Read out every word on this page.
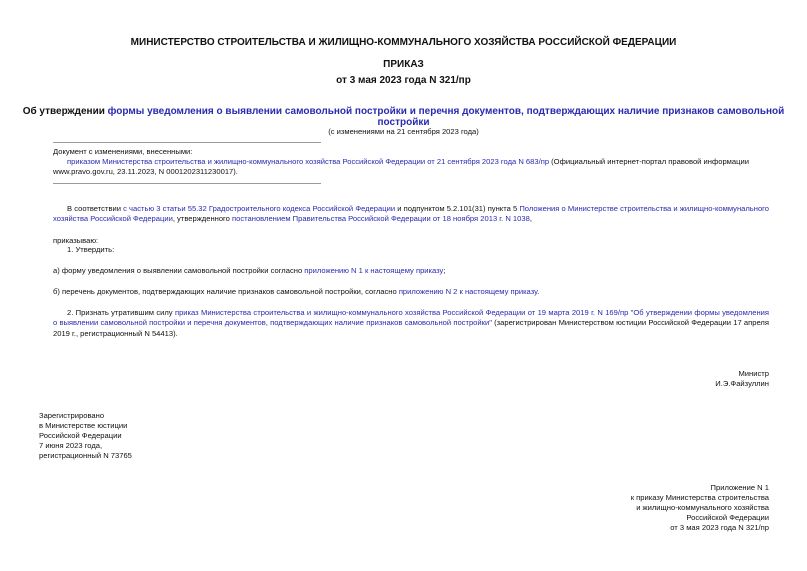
МИНИСТЕРСТВО СТРОИТЕЛЬСТВА И ЖИЛИЩНО-КОММУНАЛЬНОГО ХОЗЯЙСТВА РОССИЙСКОЙ ФЕДЕРАЦИИ
ПРИКАЗ
от 3 мая 2023 года N 321/пр
Об утверждении формы уведомления о выявлении самовольной постройки и перечня документов, подтверждающих наличие признаков самовольной постройки
(с изменениями на 21 сентября 2023 года)
Документ с изменениями, внесенными:
приказом Министерства строительства и жилищно-коммунального хозяйства Российской Федерации от 21 сентября 2023 года N 683/пр (Официальный интернет-портал правовой информации www.pravo.gov.ru, 23.11.2023, N 0001202311230017).
В соответствии с частью 3 статьи 55.32 Градостроительного кодекса Российской Федерации и подпунктом 5.2.101(31) пункта 5 Положения о Министерстве строительства и жилищно-коммунального хозяйства Российской Федерации, утвержденного постановлением Правительства Российской Федерации от 18 ноября 2013 г. N 1038,
приказываю:
1. Утвердить:
а) форму уведомления о выявлении самовольной постройки согласно приложению N 1 к настоящему приказу;
б) перечень документов, подтверждающих наличие признаков самовольной постройки, согласно приложению N 2 к настоящему приказу.
2. Признать утратившим силу приказ Министерства строительства и жилищно-коммунального хозяйства Российской Федерации от 19 марта 2019 г. N 169/пр "Об утверждении формы уведомления о выявлении самовольной постройки и перечня документов, подтверждающих наличие признаков самовольной постройки" (зарегистрирован Министерством юстиции Российской Федерации 17 апреля 2019 г., регистрационный N 54413).
Министр
И.Э.Файзуллин
Зарегистрировано
в Министерстве юстиции
Российской Федерации
7 июня 2023 года,
регистрационный N 73765
Приложение N 1
к приказу Министерства строительства
и жилищно-коммунального хозяйства
Российской Федерации
от 3 мая 2023 года N 321/пр
